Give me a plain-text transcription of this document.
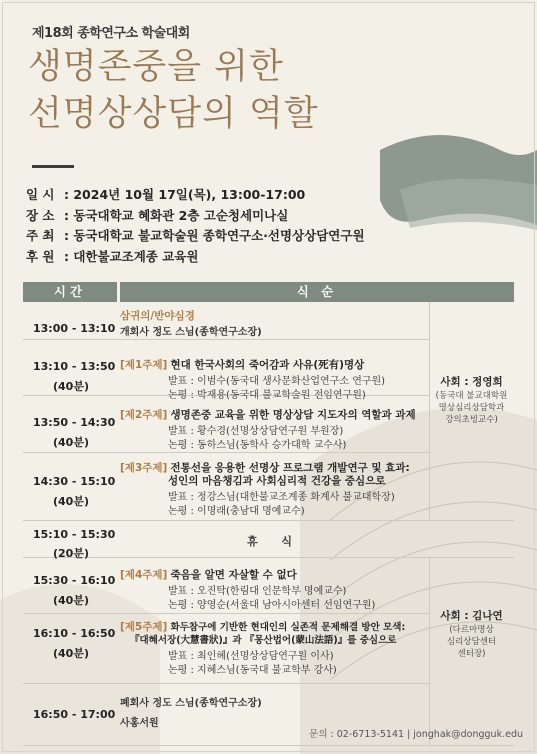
제18회 종학연구소 학술대회
생명존중을 위한
선명상상담의 역할
일 시 : 2024년 10월 17일(목), 13:00-17:00
장 소 : 동국대학교 혜화관 2층 고순청세미나실
주 최 : 동국대학교 불교학술원 종학연구소·선명상상담연구원
후 원 : 대한불교조계종 교육원
시간	식 순
13:00 - 13:10
삼귀의/반야심경
개회사 정도 스님(종학연구소장)
13:10 - 13:50
(40분)
[제1주제] 현대 한국사회의 죽어감과 사유(死有)명상
발표 : 이범수(동국대 생사문화산업연구소 연구원)
논평 : 박재용(동국대 불교학술원 전임연구원)
13:50 - 14:30
(40분)
[제2주제] 생명존중 교육을 위한 명상상담 지도자의 역할과 과제
발표 : 황수경(선명상상담연구원 부원장)
논평 : 동하스님(동학사 승가대학 교수사)
14:30 - 15:10
(40분)
[제3주제] 전통선을 응용한 선명상 프로그램 개발연구 및 효과:
성인의 마음챙김과 사회심리적 건강을 중심으로
발표 : 정강스님(대한불교조계종 화계사 불교대학장)
논평 : 이명래(충남대 명예교수)
15:10 - 15:30
(20분)
휴 식
15:30 - 16:10
(40분)
[제4주제] 죽음을 알면 자살할 수 없다
발표 : 오진탁(한림대 인문학부 명예교수)
논평 : 양영순(서울대 남아시아센터 선임연구원)
16:10 - 16:50
(40분)
[제5주제] 화두참구에 기반한 현대인의 실존적 문제해결 방안 모색:
『대혜서장(大慧書狀)』과 『몽산법어(蒙山法語)』를 중심으로
발표 : 최인혜(선명상상담연구원 이사)
논평 : 지혜스님(동국대 불교학부 강사)
16:50 - 17:00
폐회사 정도 스님(종학연구소장)
사홍서원
사회 : 정영희
(동국대 불교대학원
명상심리상담학과
강의초빙교수)
사회 : 김나연
(다르마명상
심리상담센터
센터장)
문의 : 02-6713-5141 | jonghak@dongguk.edu
